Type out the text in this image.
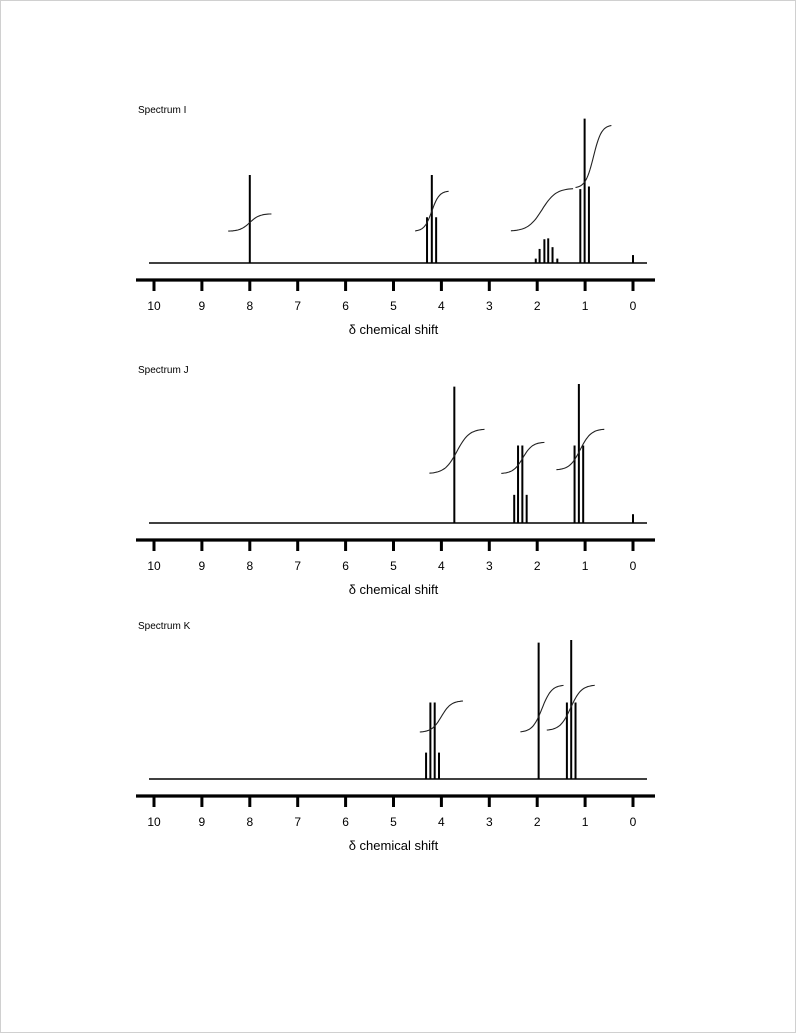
Spectrum I
10	9	8	7	6	5	4	3	2	1	0
δ chemical shift
Spectrum J
10	9	8	7	6	5	4	3	2	1	0
δ chemical shift
Spectrum K
10	9	8	7	6	5	4	3	2	1	0
δ chemical shift
